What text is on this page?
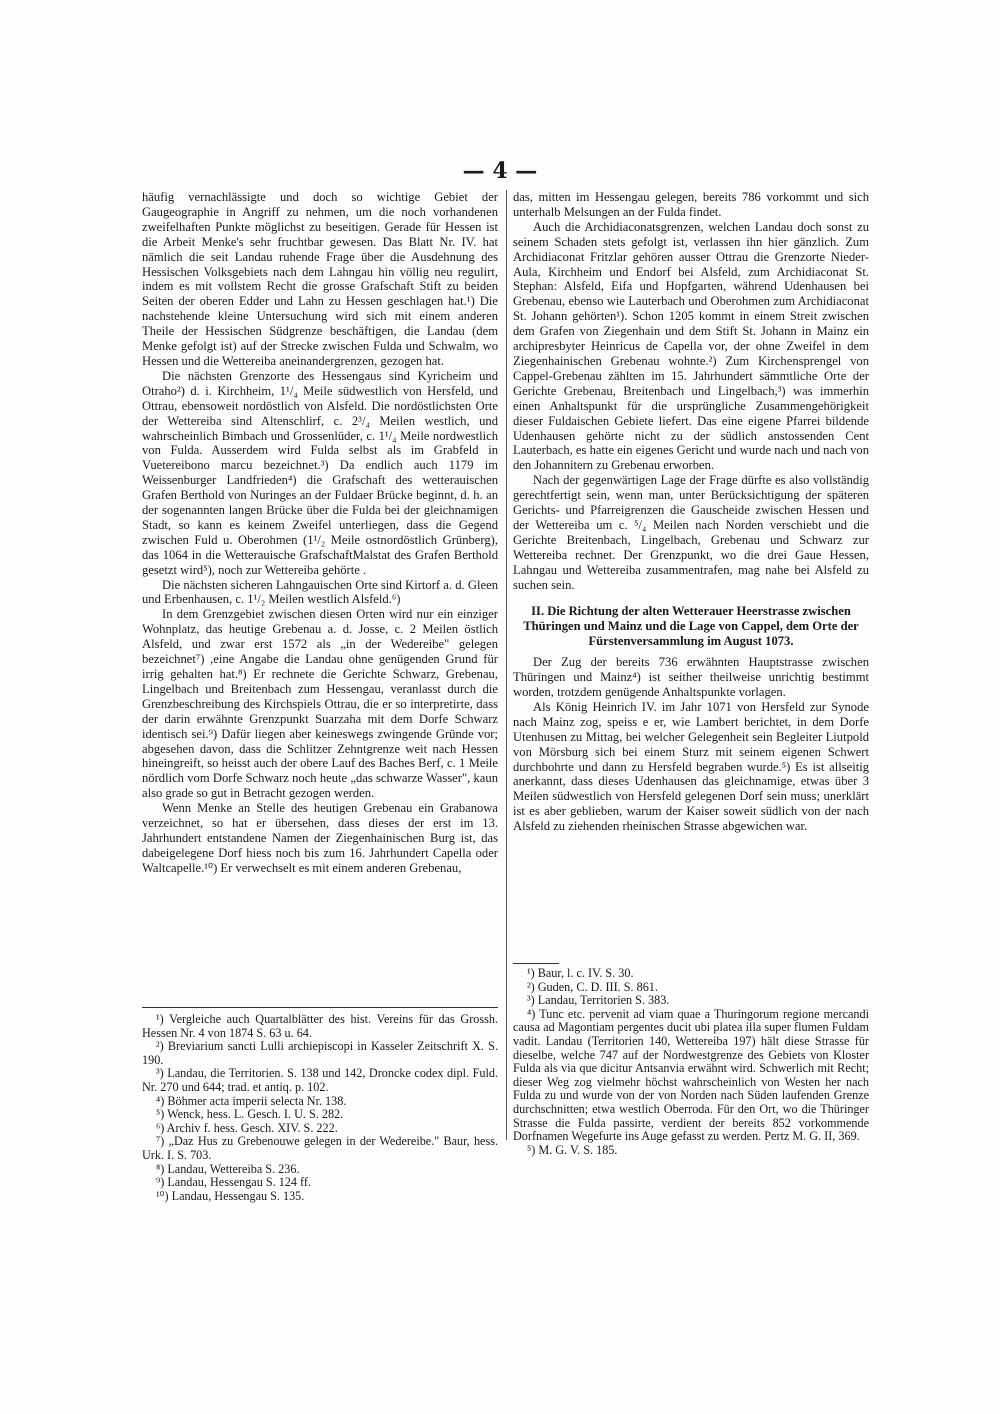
— 4 —

häufig vernachlässigte und doch so wichtige Gebiet der Gaugeographie in Angriff zu nehmen, um die noch vorhandenen zweifelhaften Punkte möglichst zu beseitigen. Gerade für Hessen ist die Arbeit Menke's sehr fruchtbar gewesen. Das Blatt Nr. IV. hat nämlich die seit Landau ruhende Frage über die Ausdehnung des Hessischen Volksgebiets nach dem Lahngau hin völlig neu regulirt, indem es mit vollstem Recht die grosse Grafschaft Stift zu beiden Seiten der oberen Edder und Lahn zu Hessen geschlagen hat.¹) Die nachstehende kleine Untersuchung wird sich mit einem anderen Theile der Hessischen Südgrenze beschäftigen, die Landau (dem Menke gefolgt ist) auf der Strecke zwischen Fulda und Schwalm, wo Hessen und die Wettereiba aneinandergrenzen, gezogen hat.

Die nächsten Grenzorte des Hessengaus sind Kyricheim und Otraho²) d. i. Kirchheim, 1¹/₄ Meile südwestlich von Hersfeld, und Ottrau, ebensoweit nordöstlich von Alsfeld. Die nordöstlichsten Orte der Wettereiba sind Altenschlirf, c. 2³/₄ Meilen westlich, und wahrscheinlich Bimbach und Grossenlüder, c. 1¹/₄ Meile nordwestlich von Fulda. Ausserdem wird Fulda selbst als im Grabfeld in Vuetereibono marcu bezeichnet.³) Da endlich auch 1179 im Weissenburger Landfrieden⁴) die Grafschaft des wetterauischen Grafen Berthold von Nuringes an der Fuldaer Brücke beginnt, d. h. an der sogenannten langen Brücke über die Fulda bei der gleichnamigen Stadt, so kann es keinem Zweifel unterliegen, dass die Gegend zwischen Fuld u. Oberohmen (1¹/₂ Meile ostnordöstlich Grünberg), das 1064 in die Wetterauische GrafschaftMalstat des Grafen Berthold gesetzt wird⁵), noch zur Wettereiba gehörte .

Die nächsten sicheren Lahngauischen Orte sind Kirtorf a. d. Gleen und Erbenhausen, c. 1¹/₂ Meilen westlich Alsfeld.⁶)

In dem Grenzgebiet zwischen diesen Orten wird nur ein einziger Wohnplatz, das heutige Grebenau a. d. Josse, c. 2 Meilen östlich Alsfeld, und zwar erst 1572 als „in der Wedereibe" gelegen bezeichnet⁷) ,eine Angabe die Landau ohne genügenden Grund für irrig gehalten hat.⁸) Er rechnete die Gerichte Schwarz, Grebenau, Lingelbach und Breitenbach zum Hessengau, veranlasst durch die Grenzbeschreibung des Kirchspiels Ottrau, die er so interpretirte, dass der darin erwähnte Grenzpunkt Suarzaha mit dem Dorfe Schwarz identisch sei.⁹) Dafür liegen aber keineswegs zwingende Gründe vor; abgesehen davon, dass die Schlitzer Zehntgrenze weit nach Hessen hineingreift, so heisst auch der obere Lauf des Baches Berf, c. 1 Meile nördlich vom Dorfe Schwarz noch heute „das schwarze Wasser", kaun also grade so gut in Betracht gezogen werden.

Wenn Menke an Stelle des heutigen Grebenau ein Grabanowa verzeichnet, so hat er übersehen, dass dieses der erst im 13. Jahrhundert entstandene Namen der Ziegenhainischen Burg ist, das dabeigelegene Dorf hiess noch bis zum 16. Jahrhundert Capella oder Waltcapelle.¹⁰) Er verwechselt es mit einem anderen Grebenau,

das, mitten im Hessengau gelegen, bereits 786 vorkommt und sich unterhalb Melsungen an der Fulda findet.

Auch die Archidiaconatsgrenzen, welchen Landau doch sonst zu seinem Schaden stets gefolgt ist, verlassen ihn hier gänzlich. Zum Archidiaconat Fritzlar gehören ausser Ottrau die Grenzorte Nieder-Aula, Kirchheim und Endorf bei Alsfeld, zum Archidiaconat St. Stephan: Alsfeld, Eifa und Hopfgarten, während Udenhausen bei Grebenau, ebenso wie Lauterbach und Oberohmen zum Archidiaconat St. Johann gehörten¹). Schon 1205 kommt in einem Streit zwischen dem Grafen von Ziegenhain und dem Stift St. Johann in Mainz ein archipresbyter Heinricus de Capella vor, der ohne Zweifel in dem Ziegenhainischen Grebenau wohnte.²) Zum Kirchensprengel von Cappel-Grebenau zählten im 15. Jahrhundert sämmtliche Orte der Gerichte Grebenau, Breitenbach und Lingelbach,³) was immerhin einen Anhaltspunkt für die ursprüngliche Zusammengehörigkeit dieser Fuldaischen Gebiete liefert. Das eine eigene Pfarrei bildende Udenhausen gehörte nicht zu der südlich anstossenden Cent Lauterbach, es hatte ein eigenes Gericht und wurde nach und nach von den Johannitern zu Grebenau erworben.

Nach der gegenwärtigen Lage der Frage dürfte es also vollständig gerechtfertigt sein, wenn man, unter Berücksichtigung der späteren Gerichts- und Pfarreigrenzen die Gauscheide zwischen Hessen und der Wettereiba um c. ⁵/₄ Meilen nach Norden verschiebt und die Gerichte Breitenbach, Lingelbach, Grebenau und Schwarz zur Wettereiba rechnet. Der Grenzpunkt, wo die drei Gaue Hessen, Lahngau und Wettereiba zusammentrafen, mag nahe bei Alsfeld zu suchen sein.

II. Die Richtung der alten Wetterauer Heerstrasse zwischen Thüringen und Mainz und die Lage von Cappel, dem Orte der Fürstenversammlung im August 1073.

Der Zug der bereits 736 erwähnten Hauptstrasse zwischen Thüringen und Mainz⁴) ist seither theilweise unrichtig bestimmt worden, trotzdem genügende Anhaltspunkte vorlagen.

Als König Heinrich IV. im Jahr 1071 von Hersfeld zur Synode nach Mainz zog, speiss e er, wie Lambert berichtet, in dem Dorfe Utenhusen zu Mittag, bei welcher Gelegenheit sein Begleiter Liutpold von Mörsburg sich bei einem Sturz mit seinem eigenen Schwert durchbohrte und dann zu Hersfeld begraben wurde.⁵) Es ist allseitig anerkannt, dass dieses Udenhausen das gleichnamige, etwas über 3 Meilen südwestlich von Hersfeld gelegenen Dorf sein muss; unerklärt ist es aber geblieben, warum der Kaiser soweit südlich von der nach Alsfeld zu ziehenden rheinischen Strasse abgewichen war.

¹) Vergleiche auch Quartalblätter des hist. Vereins für das Grossh. Hessen Nr. 4 von 1874 S. 63 u. 64.

²) Breviarium sancti Lulli archiepiscopi in Kasseler Zeitschrift X. S. 190.

³) Landau, die Territorien. S. 138 und 142, Droncke codex dipl. Fuld. Nr. 270 und 644; trad. et antiq. p. 102.

⁴) Böhmer acta imperii selecta Nr. 138.

⁵) Wenck, hess. L. Gesch. I. U. S. 282.

⁶) Archiv f. hess. Gesch. XIV. S. 222.

⁷) „Daz Hus zu Grebenouwe gelegen in der Wedereibe." Baur, hess. Urk. I. S. 703.

⁸) Landau, Wettereiba S. 236.

⁹) Landau, Hessengau S. 124 ff.

¹⁰) Landau, Hessengau S. 135.

¹) Baur, l. c. IV. S. 30.

²) Guden, C. D. III. S. 861.

³) Landau, Territorien S. 383.

⁴) Tunc etc. pervenit ad viam quae a Thuringorum regione mercandi causa ad Magontiam pergentes ducit ubi platea illa super flumen Fuldam vadit. Landau (Territorien 140, Wettereiba 197) hält diese Strasse für dieselbe, welche 747 auf der Nordwestgrenze des Gebiets von Kloster Fulda als via que dicitur Antsanvia erwähnt wird. Schwerlich mit Recht; dieser Weg zog vielmehr höchst wahrscheinlich von Westen her nach Fulda zu und wurde von der von Norden nach Süden laufenden Grenze durchschnitten; etwa westlich Oberroda. Für den Ort, wo die Thüringer Strasse die Fulda passirte, verdient der bereits 852 vorkommende Dorfnamen Wegefurte ins Auge gefasst zu werden. Pertz M. G. II, 369.

⁵) M. G. V. S. 185.
